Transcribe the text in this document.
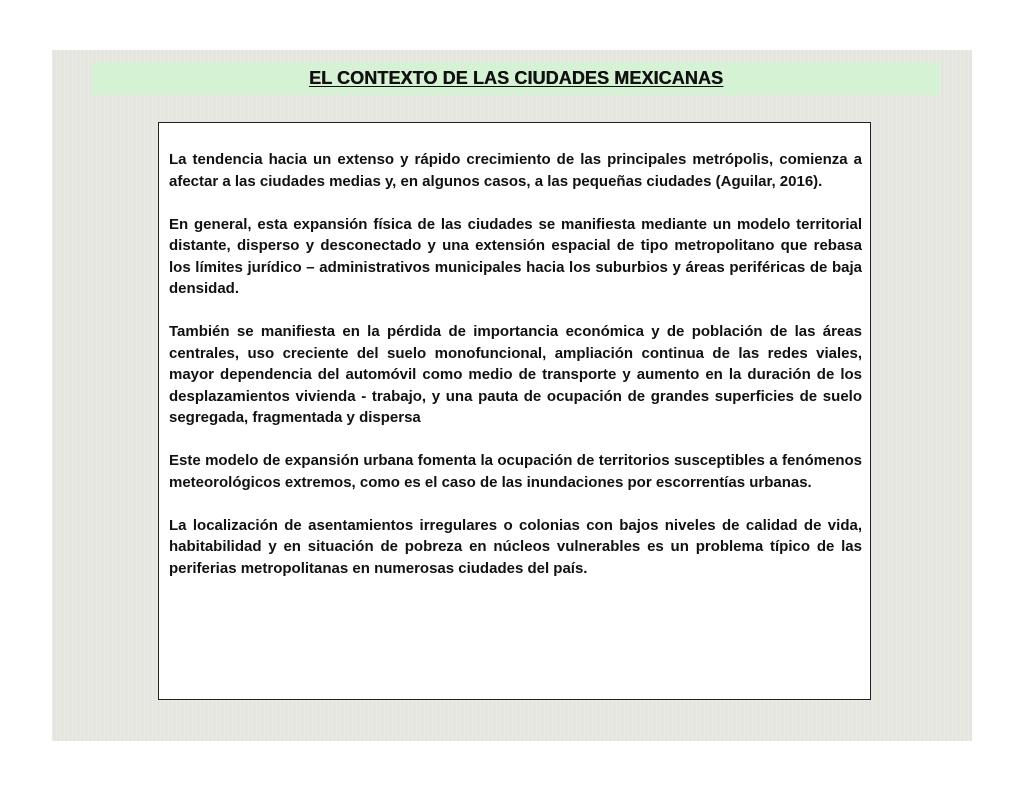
EL CONTEXTO DE LAS CIUDADES MEXICANAS

La tendencia hacia un extenso y rápido crecimiento de las principales metrópolis, comienza a afectar a las ciudades medias y, en algunos casos, a las pequeñas ciudades (Aguilar, 2016).

En general, esta expansión física de las ciudades se manifiesta mediante un modelo territorial distante, disperso y desconectado y una extensión espacial de tipo metropolitano que rebasa los límites jurídico – administrativos municipales hacia los suburbios y áreas periféricas de baja densidad.

También se manifiesta en la pérdida de importancia económica y de población de las áreas centrales, uso creciente del suelo monofuncional, ampliación continua de las redes viales, mayor dependencia del automóvil como medio de transporte y aumento en la duración de los desplazamientos vivienda - trabajo, y una pauta de ocupación de grandes superficies de suelo segregada, fragmentada y dispersa

Este modelo de expansión urbana fomenta la ocupación de territorios susceptibles a fenómenos meteorológicos extremos, como es el caso de las inundaciones por escorrentías urbanas.

La localización de asentamientos irregulares o colonias con bajos niveles de calidad de vida, habitabilidad y en situación de pobreza en núcleos vulnerables es un problema típico de las periferias metropolitanas en numerosas ciudades del país.
